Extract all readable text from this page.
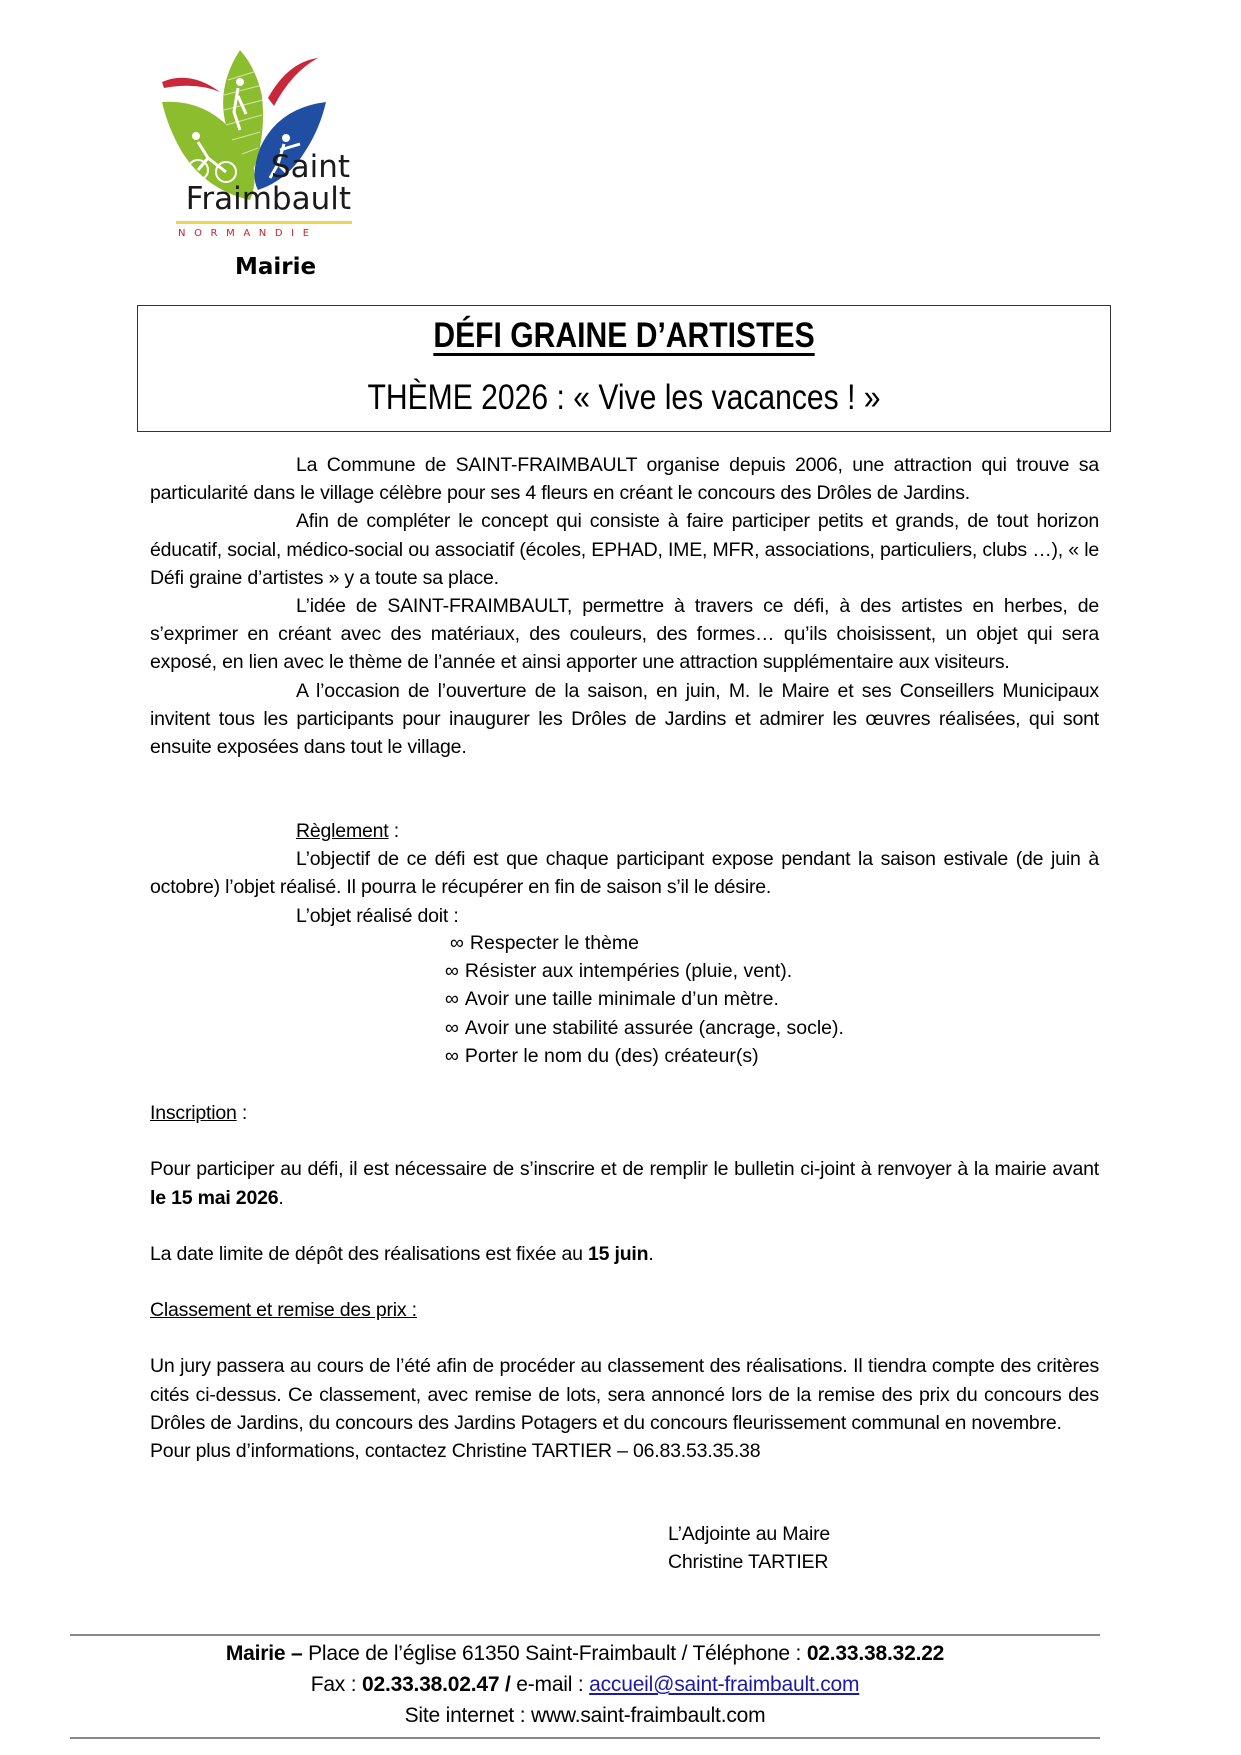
Saint
Fraimbault
NORMANDIE
Mairie
DÉFI GRAINE D’ARTISTES
THÈME 2026 : « Vive les vacances ! »

La Commune de SAINT-FRAIMBAULT organise depuis 2006, une attraction qui trouve sa particularité dans le village célèbre pour ses 4 fleurs en créant le concours des Drôles de Jardins.

Afin de compléter le concept qui consiste à faire participer petits et grands, de tout horizon éducatif, social, médico-social ou associatif (écoles, EPHAD, IME, MFR, associations, particuliers, clubs …), « le Défi graine d’artistes » y a toute sa place.

L’idée de SAINT-FRAIMBAULT, permettre à travers ce défi, à des artistes en herbes, de s’exprimer en créant avec des matériaux, des couleurs, des formes… qu’ils choisissent, un objet qui sera exposé, en lien avec le thème de l’année et ainsi apporter une attraction supplémentaire aux visiteurs.

A l’occasion de l’ouverture de la saison, en juin, M. le Maire et ses Conseillers Municipaux invitent tous les participants pour inaugurer les Drôles de Jardins et admirer les œuvres réalisées, qui sont ensuite exposées dans tout le village.

Règlement :

L’objectif de ce défi est que chaque participant expose pendant la saison estivale (de juin à octobre) l’objet réalisé. Il pourra le récupérer en fin de saison s’il le désire.

L’objet réalisé doit :

∞ Respecter le thème
∞ Résister aux intempéries (pluie, vent).
∞ Avoir une taille minimale d’un mètre.
∞ Avoir une stabilité assurée (ancrage, socle).
∞ Porter le nom du (des) créateur(s)

Inscription :

Pour participer au défi, il est nécessaire de s’inscrire et de remplir le bulletin ci-joint à renvoyer à la mairie avant le 15 mai 2026.

La date limite de dépôt des réalisations est fixée au 15 juin.

Classement et remise des prix :

Un jury passera au cours de l’été afin de procéder au classement des réalisations. Il tiendra compte des critères cités ci-dessus. Ce classement, avec remise de lots, sera annoncé lors de la remise des prix du concours des Drôles de Jardins, du concours des Jardins Potagers et du concours fleurissement communal en novembre.

Pour plus d’informations, contactez Christine TARTIER – 06.83.53.35.38

L’Adjointe au Maire
Christine TARTIER
Mairie – Place de l’église 61350 Saint-Fraimbault / Téléphone : 02.33.38.32.22
Fax : 02.33.38.02.47 / e-mail : accueil@saint-fraimbault.com
Site internet : www.saint-fraimbault.com
